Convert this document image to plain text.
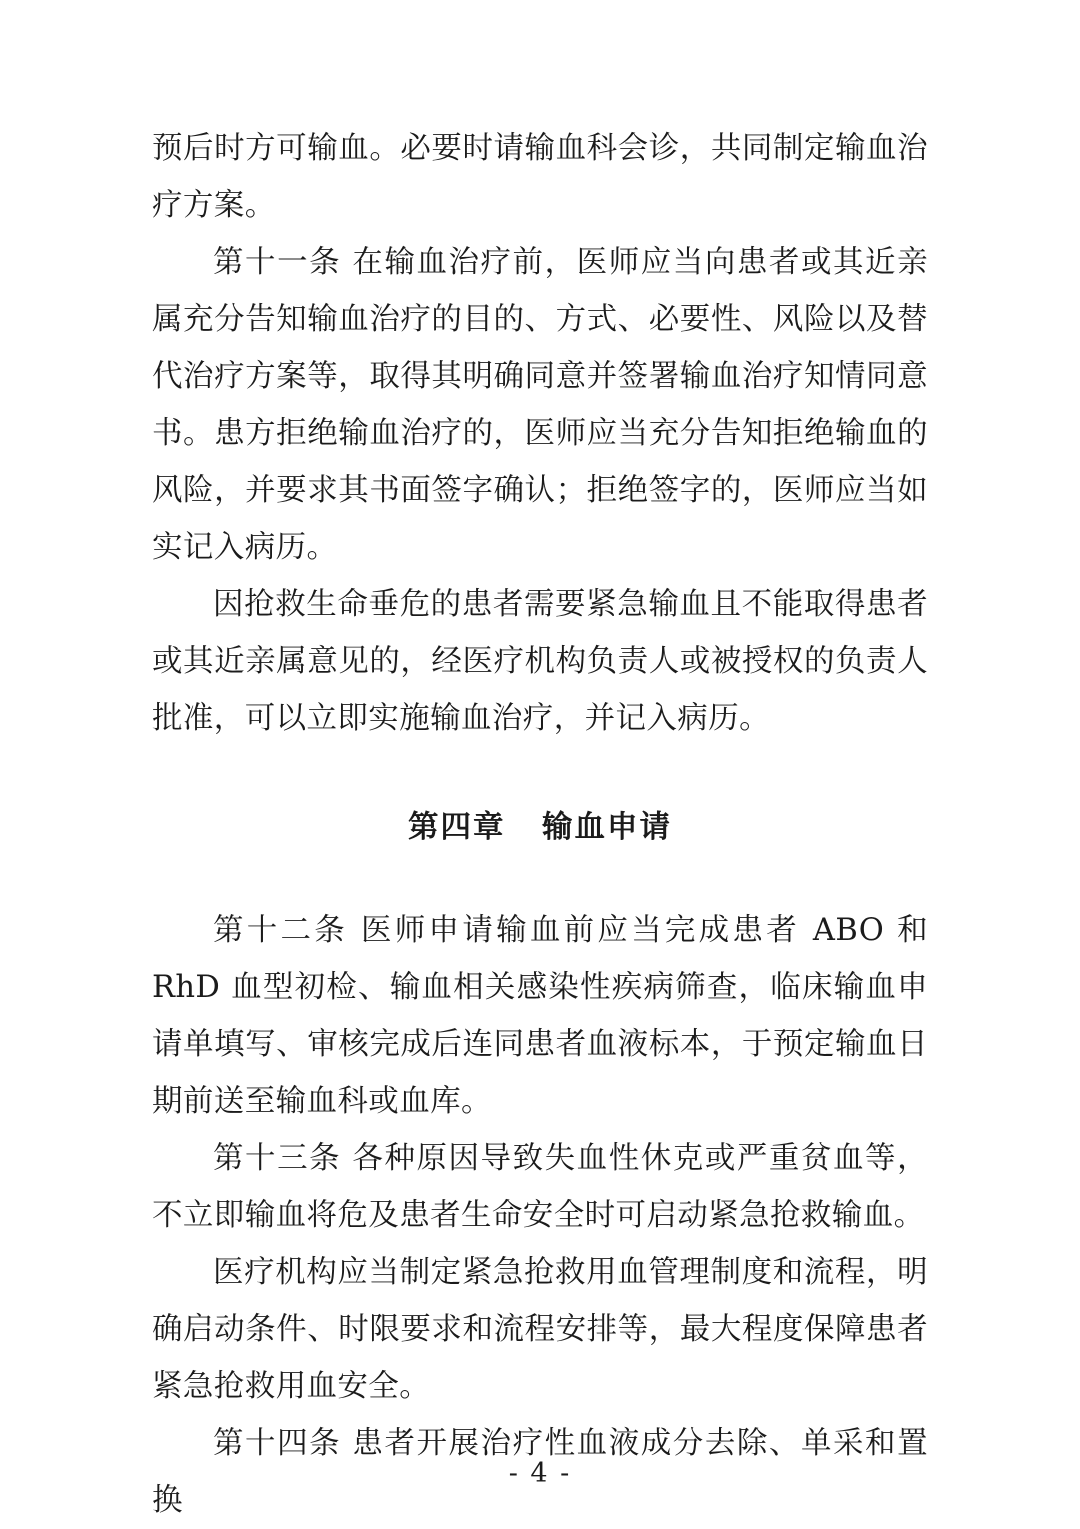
预后时方可输血。必要时请输血科会诊，共同制定输血治疗方案。

第十一条 在输血治疗前，医师应当向患者或其近亲属充分告知输血治疗的目的、方式、必要性、风险以及替代治疗方案等，取得其明确同意并签署输血治疗知情同意书。患方拒绝输血治疗的，医师应当充分告知拒绝输血的风险，并要求其书面签字确认；拒绝签字的，医师应当如实记入病历。

因抢救生命垂危的患者需要紧急输血且不能取得患者或其近亲属意见的，经医疗机构负责人或被授权的负责人批准，可以立即实施输血治疗，并记入病历。

第四章 输血申请

第十二条 医师申请输血前应当完成患者 ABO 和 RhD 血型初检、输血相关感染性疾病筛查，临床输血申请单填写、审核完成后连同患者血液标本，于预定输血日期前送至输血科或血库。

第十三条 各种原因导致失血性休克或严重贫血等，不立即输血将危及患者生命安全时可启动紧急抢救输血。

医疗机构应当制定紧急抢救用血管理制度和流程，明确启动条件、时限要求和流程安排等，最大程度保障患者紧急抢救用血安全。

第十四条 患者开展治疗性血液成分去除、单采和置换

- 4 -
